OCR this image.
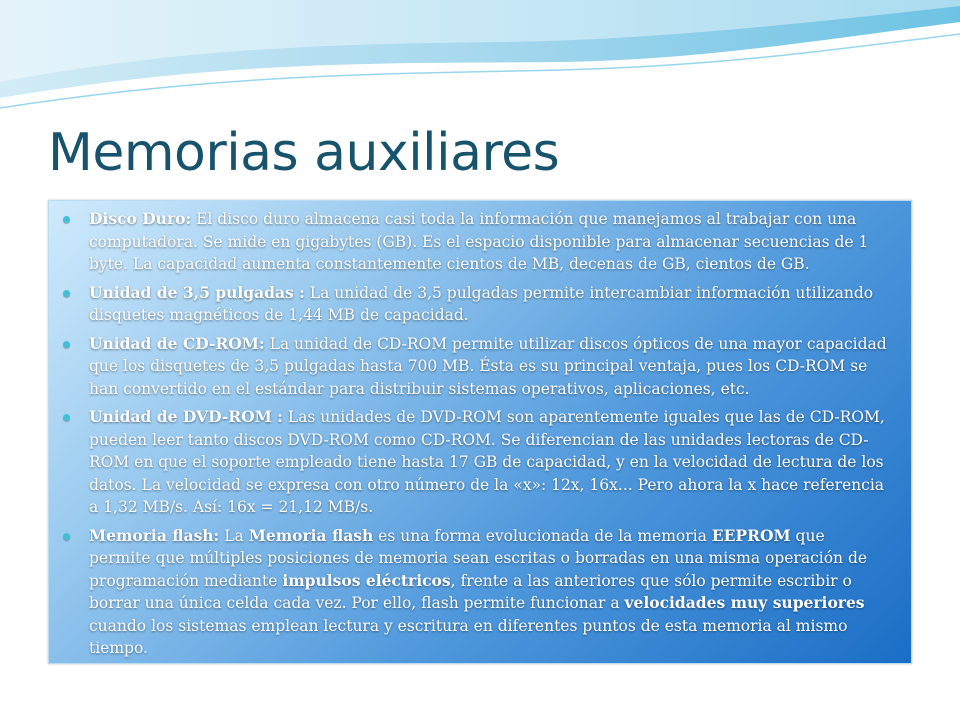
Memorias auxiliares
Disco Duro: El disco duro almacena casi toda la información que manejamos al trabajar con una computadora. Se mide en gigabytes (GB). Es el espacio disponible para almacenar secuencias de 1 byte. La capacidad aumenta constantemente cientos de MB, decenas de GB, cientos de GB.
Unidad de 3,5 pulgadas : La unidad de 3,5 pulgadas permite intercambiar información utilizando disquetes magnéticos de 1,44 MB de capacidad.
Unidad de CD-ROM: La unidad de CD-ROM permite utilizar discos ópticos de una mayor capacidad que los disquetes de 3,5 pulgadas hasta 700 MB. Ésta es su principal ventaja, pues los CD-ROM se han convertido en el estándar para distribuir sistemas operativos, aplicaciones, etc.
Unidad de DVD-ROM : Las unidades de DVD-ROM son aparentemente iguales que las de CD-ROM, pueden leer tanto discos DVD-ROM como CD-ROM. Se diferencian de las unidades lectoras de CD-ROM en que el soporte empleado tiene hasta 17 GB de capacidad, y en la velocidad de lectura de los datos. La velocidad se expresa con otro número de la «x»: 12x, 16x... Pero ahora la x hace referencia a 1,32 MB/s. Así: 16x = 21,12 MB/s.
Memoria flash: La Memoria flash es una forma evolucionada de la memoria EEPROM que permite que múltiples posiciones de memoria sean escritas o borradas en una misma operación de programación mediante impulsos eléctricos, frente a las anteriores que sólo permite escribir o borrar una única celda cada vez. Por ello, flash permite funcionar a velocidades muy superiores cuando los sistemas emplean lectura y escritura en diferentes puntos de esta memoria al mismo tiempo.
